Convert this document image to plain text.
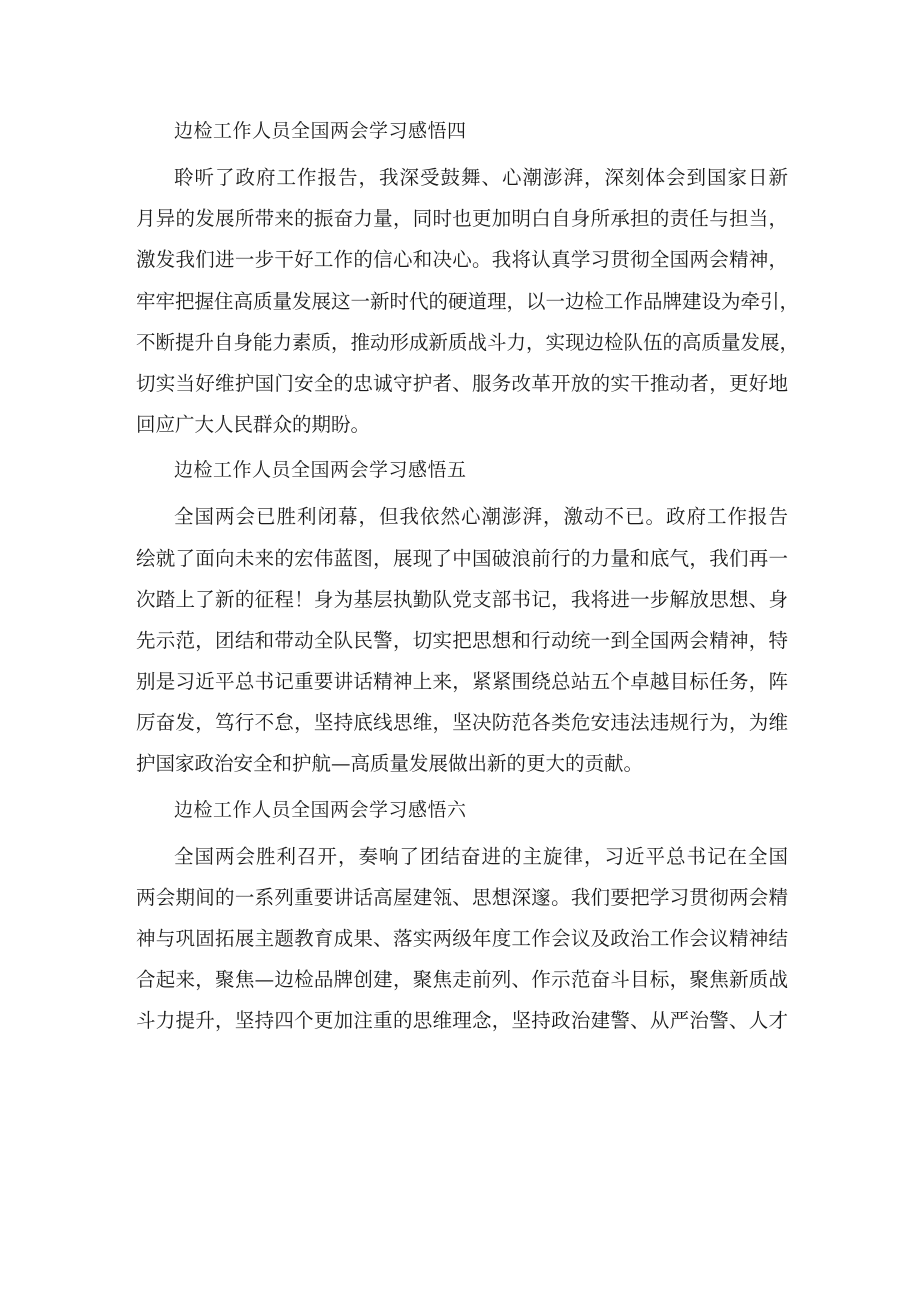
边检工作人员全国两会学习感悟四
聆听了政府工作报告，我深受鼓舞、心潮澎湃，深刻体会到国家日新
月异的发展所带来的振奋力量，同时也更加明白自身所承担的责任与担当，
激发我们进一步干好工作的信心和决心。我将认真学习贯彻全国两会精神，
牢牢把握住高质量发展这一新时代的硬道理，以一边检工作品牌建设为牵引，
不断提升自身能力素质，推动形成新质战斗力，实现边检队伍的高质量发展，
切实当好维护国门安全的忠诚守护者、服务改革开放的实干推动者，更好地
回应广大人民群众的期盼。
边检工作人员全国两会学习感悟五
全国两会已胜利闭幕，但我依然心潮澎湃，激动不已。政府工作报告
绘就了面向未来的宏伟蓝图，展现了中国破浪前行的力量和底气，我们再一
次踏上了新的征程！身为基层执勤队党支部书记，我将进一步解放思想、身
先示范，团结和带动全队民警，切实把思想和行动统一到全国两会精神，特
别是习近平总书记重要讲话精神上来，紧紧围绕总站五个卓越目标任务，阵
厉奋发，笃行不怠，坚持底线思维，坚决防范各类危安违法违规行为，为维
护国家政治安全和护航—高质量发展做出新的更大的贡献。
边检工作人员全国两会学习感悟六
全国两会胜利召开，奏响了团结奋进的主旋律，习近平总书记在全国
两会期间的一系列重要讲话高屋建瓴、思想深邃。我们要把学习贯彻两会精
神与巩固拓展主题教育成果、落实两级年度工作会议及政治工作会议精神结
合起来，聚焦—边检品牌创建，聚焦走前列、作示范奋斗目标，聚焦新质战
斗力提升，坚持四个更加注重的思维理念，坚持政治建警、从严治警、人才
